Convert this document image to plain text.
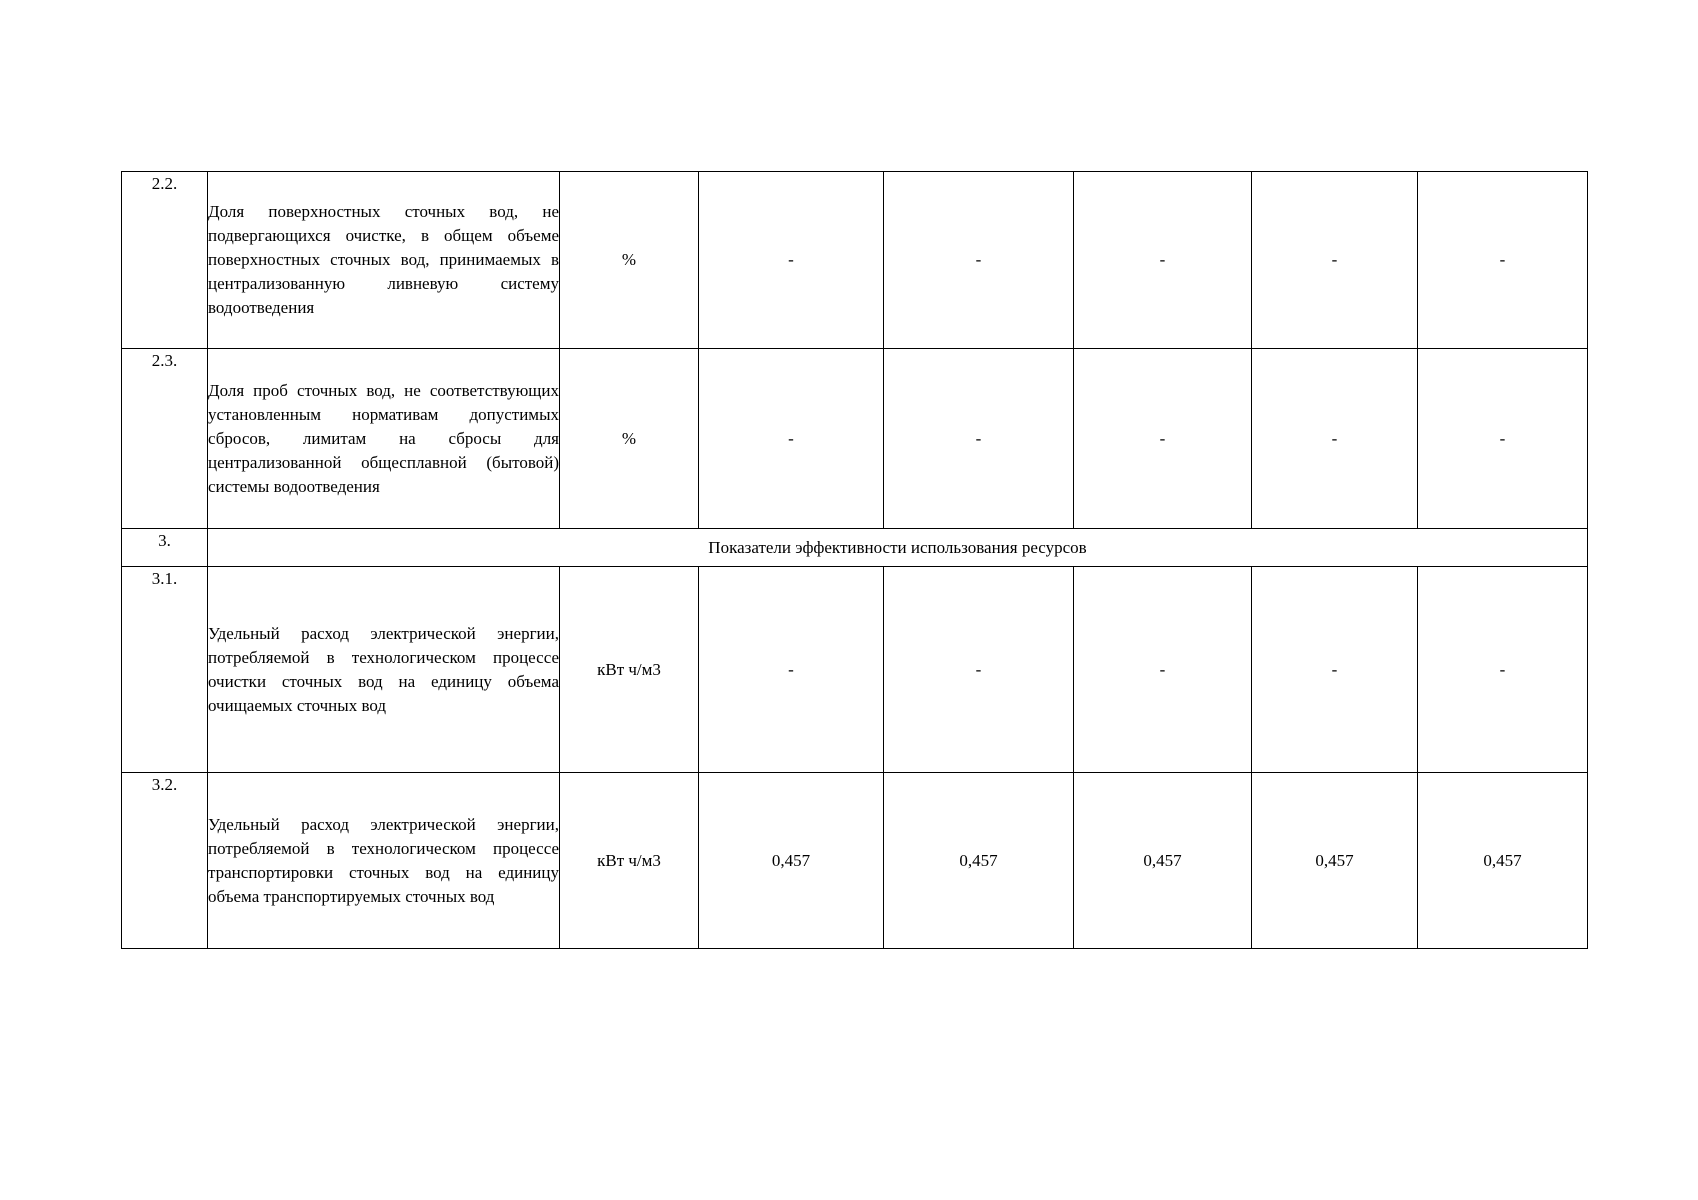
2.2.	Доля поверхностных сточных вод, не подвергающихся очистке, в общем объеме поверхностных сточных вод, принимаемых в централизованную ливневую систему водоотведения	%	-	-	-	-	-
2.3.	Доля проб сточных вод, не соответствующих установленным нормативам допустимых сбросов, лимитам на сбросы для централизованной общесплавной (бытовой) системы водоотведения	%	-	-	-	-	-
3.	Показатели эффективности использования ресурсов						
3.1.	Удельный расход электрической энергии, потребляемой в технологическом процессе очистки сточных вод на единицу объема очищаемых сточных вод	кВт ч/м3	-	-	-	-	-
3.2.	Удельный расход электрической энергии, потребляемой в технологическом процессе транспортировки сточных вод на единицу объема транспортируемых сточных вод	кВт ч/м3	0,457	0,457	0,457	0,457	0,457
